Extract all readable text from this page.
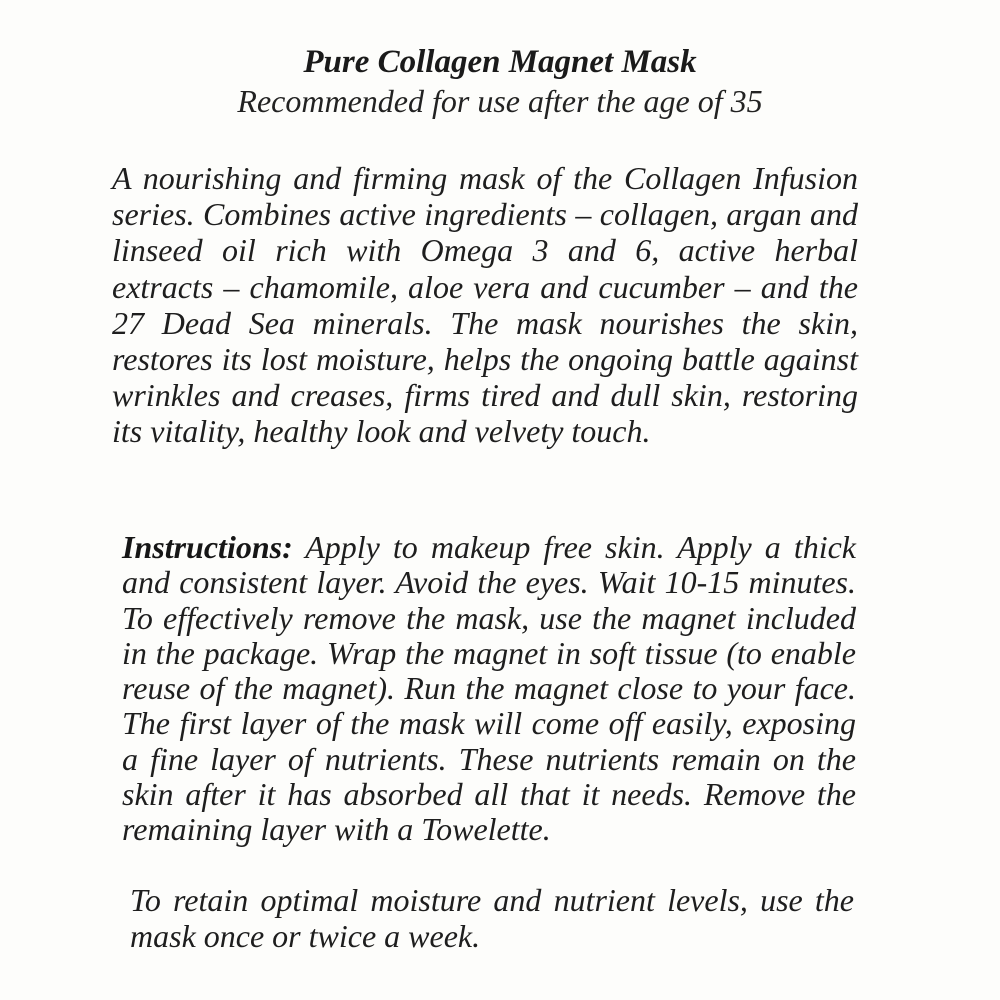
Pure Collagen Magnet Mask

Recommended for use after the age of 35

A nourishing and firming mask of the Collagen Infusion series. Combines active ingredients – collagen, argan and linseed oil rich with Omega 3 and 6, active herbal extracts – chamomile, aloe vera and cucumber – and the 27 Dead Sea minerals. The mask nourishes the skin, restores its lost moisture, helps the ongoing battle against wrinkles and creases, firms tired and dull skin, restoring its vitality, healthy look and velvety touch.

Instructions: Apply to makeup free skin. Apply a thick and consistent layer. Avoid the eyes. Wait 10-15 minutes. To effectively remove the mask, use the magnet included in the package. Wrap the magnet in soft tissue (to enable reuse of the magnet). Run the magnet close to your face. The first layer of the mask will come off easily, exposing a fine layer of nutrients. These nutrients remain on the skin after it has absorbed all that it needs. Remove the remaining layer with a Towelette.

To retain optimal moisture and nutrient levels, use the mask once or twice a week.
